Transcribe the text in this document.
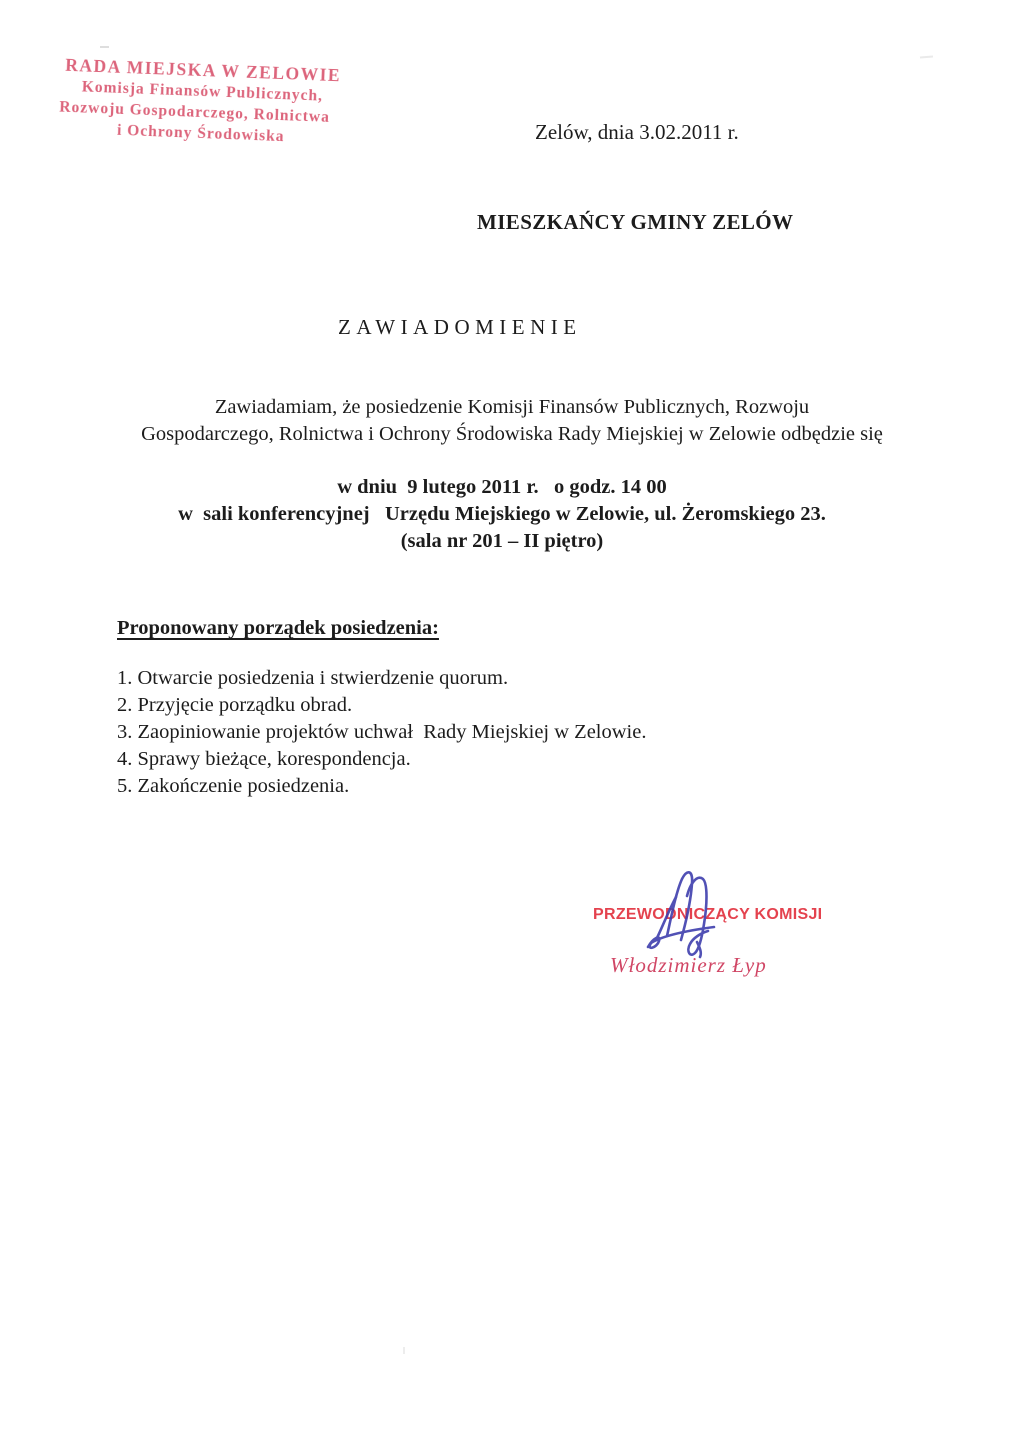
RADA MIEJSKA W ZELOWIE
Komisja Finansów Publicznych,
Rozwoju Gospodarczego, Rolnictwa
i Ochrony Środowiska	Zelów, dnia 3.02.2011 r.
MIESZKAŃCY GMINY ZELÓW
ZAWIADOMIENIE
Zawiadamiam, że posiedzenie Komisji Finansów Publicznych, Rozwoju
Gospodarczego, Rolnictwa i Ochrony Środowiska Rady Miejskiej w Zelowie odbędzie się
w dniu  9 lutego 2011 r.   o godz. 14 00
w  sali konferencyjnej   Urzędu Miejskiego w Zelowie, ul. Żeromskiego 23.
(sala nr 201 – II piętro)
Proponowany porządek posiedzenia:
1. Otwarcie posiedzenia i stwierdzenie quorum.
2. Przyjęcie porządku obrad.
3. Zaopiniowanie projektów uchwał  Rady Miejskiej w Zelowie.
4. Sprawy bieżące, korespondencja.
5. Zakończenie posiedzenia.
PRZEWODNICZĄCY KOMISJI
Włodzimierz Łyp
